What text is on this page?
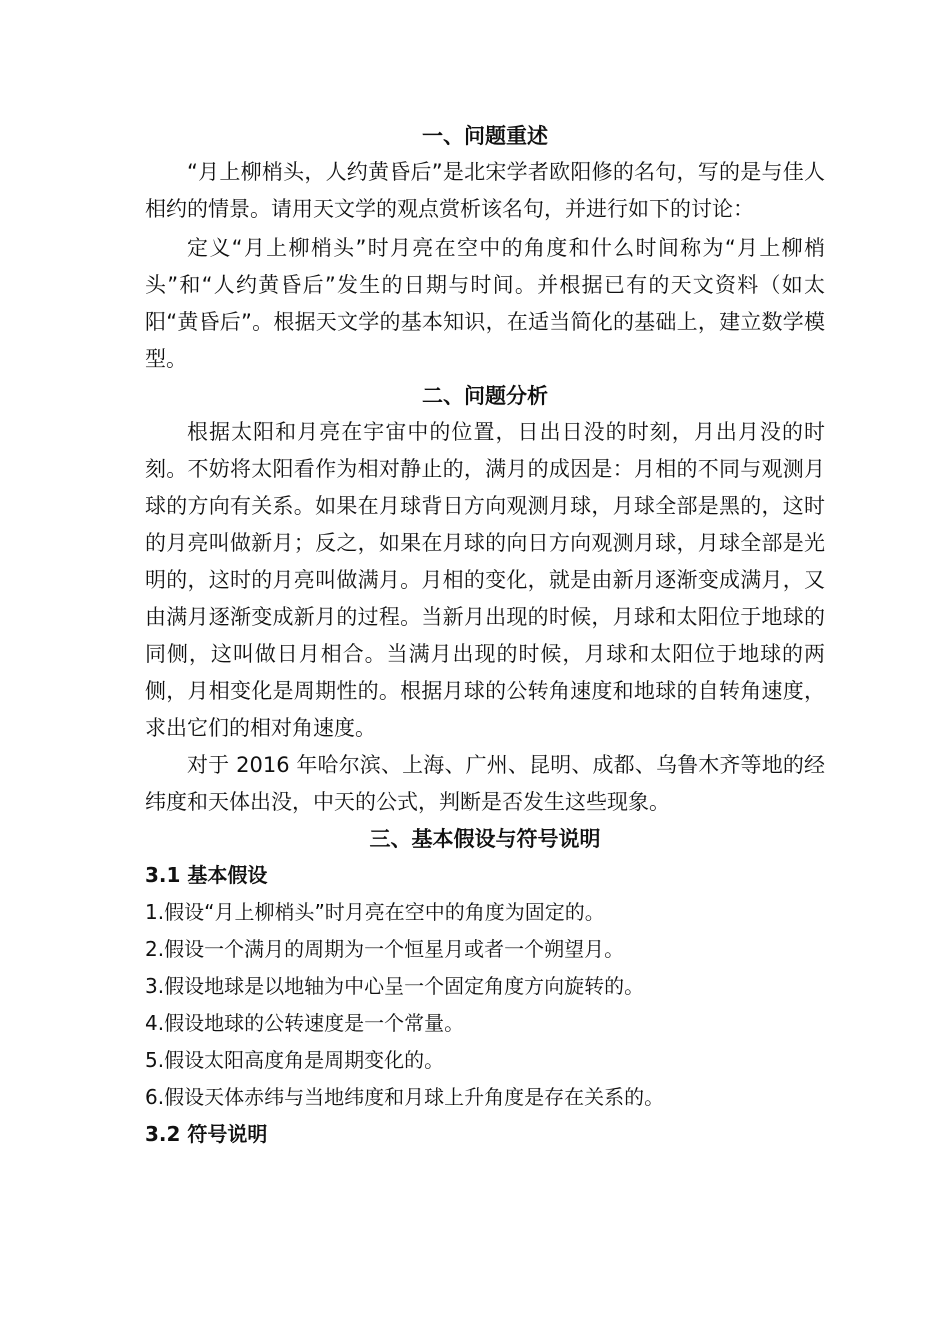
一、问题重述

“月上柳梢头，人约黄昏后”是北宋学者欧阳修的名句，写的是与佳人相约的情景。请用天文学的观点赏析该名句，并进行如下的讨论：

定义“月上柳梢头”时月亮在空中的角度和什么时间称为“月上柳梢头”和“人约黄昏后”发生的日期与时间。并根据已有的天文资料（如太阳“黄昏后”。根据天文学的基本知识，在适当简化的基础上，建立数学模型。

二、问题分析

根据太阳和月亮在宇宙中的位置，日出日没的时刻，月出月没的时刻。不妨将太阳看作为相对静止的，满月的成因是：月相的不同与观测月球的方向有关系。如果在月球背日方向观测月球，月球全部是黑的，这时的月亮叫做新月；反之，如果在月球的向日方向观测月球，月球全部是光明的，这时的月亮叫做满月。月相的变化，就是由新月逐渐变成满月，又由满月逐渐变成新月的过程。当新月出现的时候，月球和太阳位于地球的同侧，这叫做日月相合。当满月出现的时候，月球和太阳位于地球的两侧，月相变化是周期性的。根据月球的公转角速度和地球的自转角速度，求出它们的相对角速度。

对于 2016 年哈尔滨、上海、广州、昆明、成都、乌鲁木齐等地的经纬度和天体出没，中天的公式，判断是否发生这些现象。

三、基本假设与符号说明

3.1 基本假设

1.假设“月上柳梢头”时月亮在空中的角度为固定的。

2.假设一个满月的周期为一个恒星月或者一个朔望月。

3.假设地球是以地轴为中心呈一个固定角度方向旋转的。

4.假设地球的公转速度是一个常量。

5.假设太阳高度角是周期变化的。

6.假设天体赤纬与当地纬度和月球上升角度是存在关系的。

3.2 符号说明
